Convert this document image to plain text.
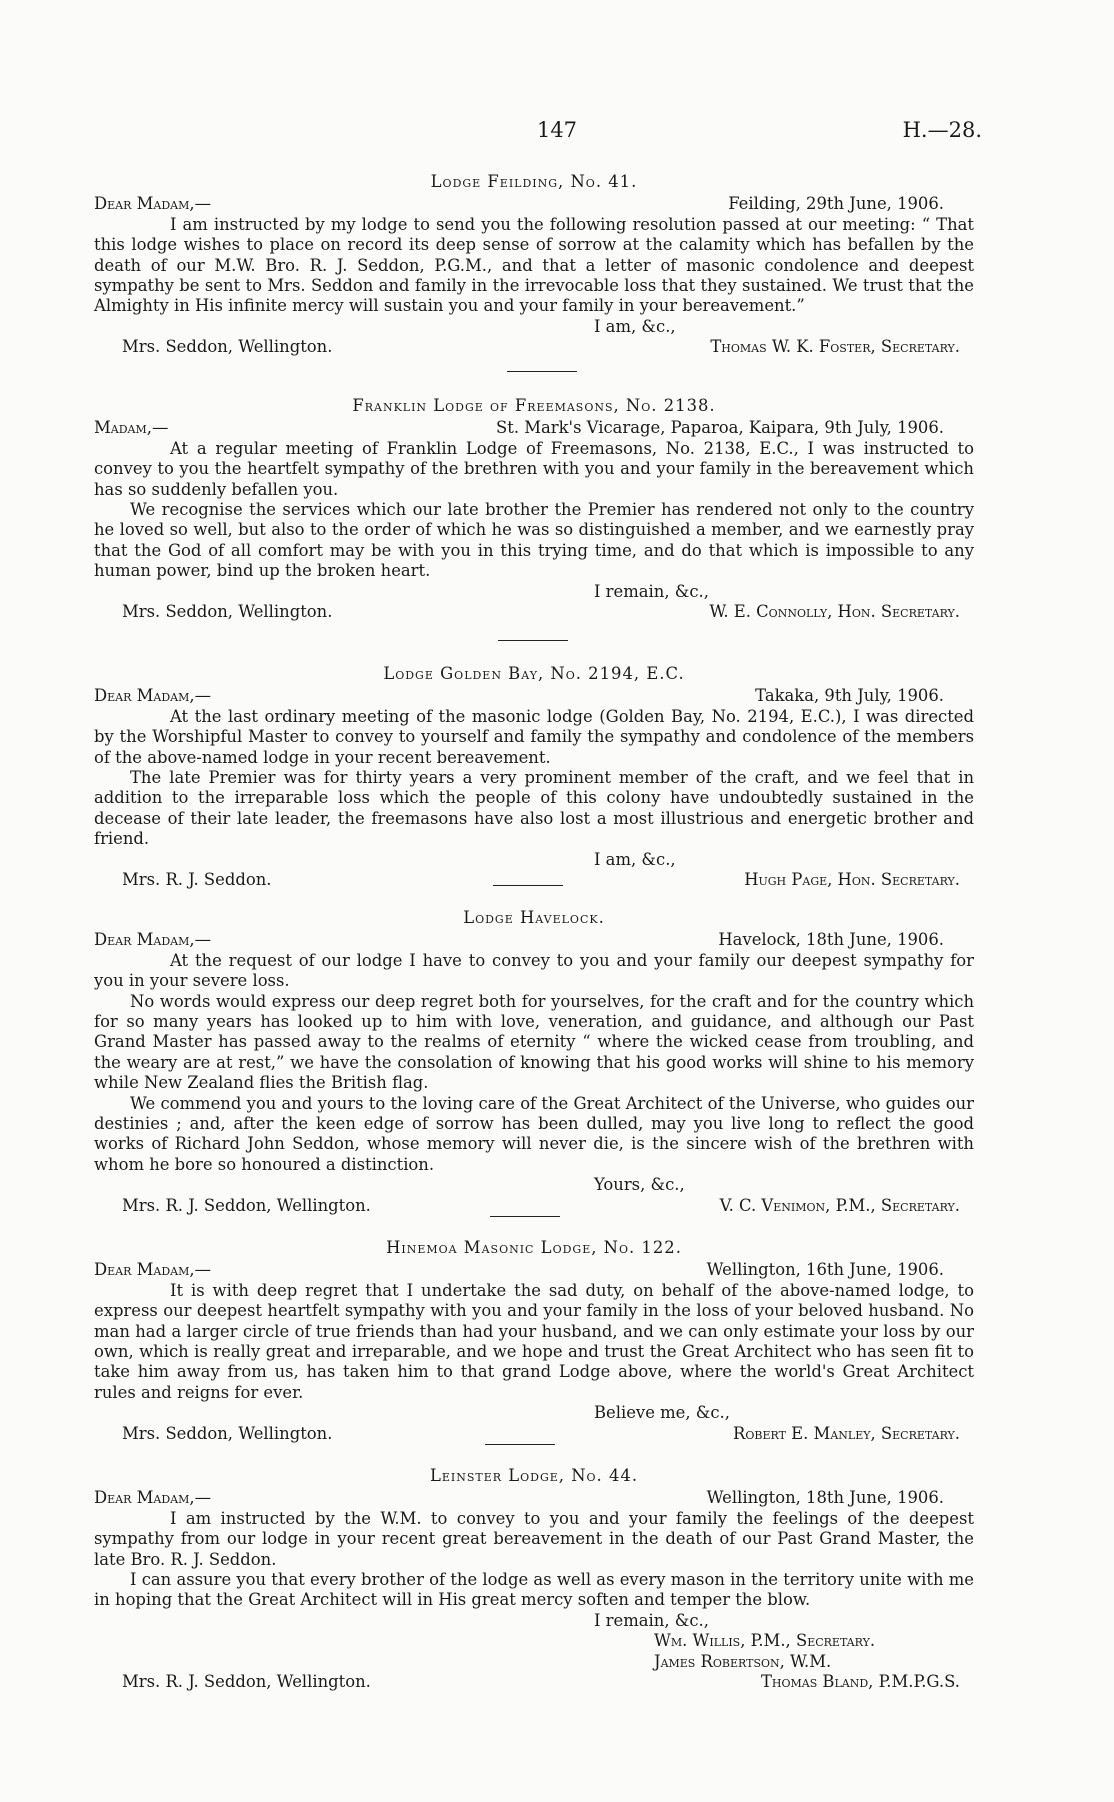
147	H.—28.
Lodge Feilding, No. 41.
Dear Madam,—	Feilding, 29th June, 1906.
I am instructed by my lodge to send you the following resolution passed at our meeting: “ That this lodge wishes to place on record its deep sense of sorrow at the calamity which has befallen by the death of our M.W. Bro. R. J. Seddon, P.G.M., and that a letter of masonic condolence and deepest sympathy be sent to Mrs. Seddon and family in the irrevocable loss that they sustained. We trust that the Almighty in His infinite mercy will sustain you and your family in your bereavement.”
I am, &c.,
Mrs. Seddon, Wellington.	Thomas W. K. Foster, Secretary.
Franklin Lodge of Freemasons, No. 2138.
Madam,—	St. Mark's Vicarage, Paparoa, Kaipara, 9th July, 1906.
At a regular meeting of Franklin Lodge of Freemasons, No. 2138, E.C., I was instructed to convey to you the heartfelt sympathy of the brethren with you and your family in the bereavement which has so suddenly befallen you.
We recognise the services which our late brother the Premier has rendered not only to the country he loved so well, but also to the order of which he was so distinguished a member, and we earnestly pray that the God of all comfort may be with you in this trying time, and do that which is impossible to any human power, bind up the broken heart.
I remain, &c.,
Mrs. Seddon, Wellington.	W. E. Connolly, Hon. Secretary.
Lodge Golden Bay, No. 2194, E.C.
Dear Madam,—	Takaka, 9th July, 1906.
At the last ordinary meeting of the masonic lodge (Golden Bay, No. 2194, E.C.), I was directed by the Worshipful Master to convey to yourself and family the sympathy and condolence of the members of the above-named lodge in your recent bereavement.
The late Premier was for thirty years a very prominent member of the craft, and we feel that in addition to the irreparable loss which the people of this colony have undoubtedly sustained in the decease of their late leader, the freemasons have also lost a most illustrious and energetic brother and friend.
I am, &c.,
Mrs. R. J. Seddon.	Hugh Page, Hon. Secretary.
Lodge Havelock.
Dear Madam,—	Havelock, 18th June, 1906.
At the request of our lodge I have to convey to you and your family our deepest sympathy for you in your severe loss.
No words would express our deep regret both for yourselves, for the craft and for the country which for so many years has looked up to him with love, veneration, and guidance, and although our Past Grand Master has passed away to the realms of eternity “ where the wicked cease from troubling, and the weary are at rest,” we have the consolation of knowing that his good works will shine to his memory while New Zealand flies the British flag.
We commend you and yours to the loving care of the Great Architect of the Universe, who guides our destinies ; and, after the keen edge of sorrow has been dulled, may you live long to reflect the good works of Richard John Seddon, whose memory will never die, is the sincere wish of the brethren with whom he bore so honoured a distinction.
Yours, &c.,
Mrs. R. J. Seddon, Wellington.	V. C. Venimon, P.M., Secretary.
Hinemoa Masonic Lodge, No. 122.
Dear Madam,—	Wellington, 16th June, 1906.
It is with deep regret that I undertake the sad duty, on behalf of the above-named lodge, to express our deepest heartfelt sympathy with you and your family in the loss of your beloved husband. No man had a larger circle of true friends than had your husband, and we can only estimate your loss by our own, which is really great and irreparable, and we hope and trust the Great Architect who has seen fit to take him away from us, has taken him to that grand Lodge above, where the world's Great Architect rules and reigns for ever.
Believe me, &c.,
Mrs. Seddon, Wellington.	Robert E. Manley, Secretary.
Leinster Lodge, No. 44.
Dear Madam,—	Wellington, 18th June, 1906.
I am instructed by the W.M. to convey to you and your family the feelings of the deepest sympathy from our lodge in your recent great bereavement in the death of our Past Grand Master, the late Bro. R. J. Seddon.
I can assure you that every brother of the lodge as well as every mason in the territory unite with me in hoping that the Great Architect will in His great mercy soften and temper the blow.
I remain, &c.,
Wm. Willis, P.M., Secretary.
James Robertson, W.M.
Mrs. R. J. Seddon, Wellington.	Thomas Bland, P.M.P.G.S.
